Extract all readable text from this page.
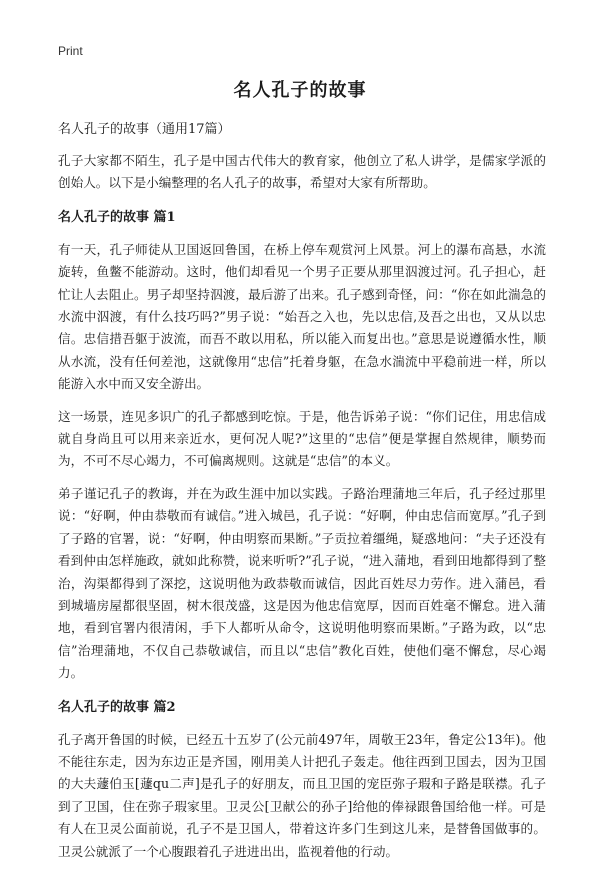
Print
名人孔子的故事
名人孔子的故事（通用17篇）

孔子大家都不陌生，孔子是中国古代伟大的教育家，他创立了私人讲学，是儒家学派的创始人。以下是小编整理的名人孔子的故事，希望对大家有所帮助。

名人孔子的故事 篇1

有一天，孔子师徒从卫国返回鲁国，在桥上停车观赏河上风景。河上的瀑布高悬，水流旋转，鱼鳖不能游动。这时，他们却看见一个男子正要从那里泅渡过河。孔子担心，赶忙让人去阻止。男子却坚持泅渡，最后游了出来。孔子感到奇怪，问：“你在如此湍急的水流中泅渡，有什么技巧吗?”男子说：“始吾之入也，先以忠信,及吾之出也，又从以忠信。忠信措吾躯于波流，而吾不敢以用私，所以能入而复出也。”意思是说遵循水性，顺从水流，没有任何差池，这就像用“忠信”托着身躯，在急水湍流中平稳前进一样，所以能游入水中而又安全游出。

这一场景，连见多识广的孔子都感到吃惊。于是，他告诉弟子说：“你们记住，用忠信成就自身尚且可以用来亲近水，更何况人呢?”这里的“忠信”便是掌握自然规律，顺势而为，不可不尽心竭力，不可偏离规则。这就是“忠信”的本义。

弟子谨记孔子的教诲，并在为政生涯中加以实践。子路治理蒲地三年后，孔子经过那里说：“好啊，仲由恭敬而有诚信。”进入城邑，孔子说：“好啊，仲由忠信而宽厚。”孔子到了子路的官署，说：“好啊，仲由明察而果断。”子贡拉着缰绳，疑惑地问：“夫子还没有看到仲由怎样施政，就如此称赞，说来听听?”孔子说，“进入蒲地，看到田地都得到了整治，沟渠都得到了深挖，这说明他为政恭敬而诚信，因此百姓尽力劳作。进入蒲邑，看到城墙房屋都很坚固，树木很茂盛，这是因为他忠信宽厚，因而百姓毫不懈怠。进入蒲地，看到官署内很清闲，手下人都听从命令，这说明他明察而果断。”子路为政，以“忠信”治理蒲地，不仅自己恭敬诚信，而且以“忠信”教化百姓，使他们毫不懈怠，尽心竭力。

名人孔子的故事 篇2

孔子离开鲁国的时候，已经五十五岁了(公元前497年，周敬王23年，鲁定公13年)。他不能往东走，因为东边正是齐国，刚用美人计把孔子轰走。他往西到卫国去，因为卫国的大夫蘧伯玉[蘧qu二声]是孔子的好朋友，而且卫国的宠臣弥子瑕和子路是联襟。孔子到了卫国，住在弥子瑕家里。卫灵公[卫献公的孙子]给他的俸禄跟鲁国给他一样。可是有人在卫灵公面前说，孔子不是卫国人，带着这许多门生到这儿来，是替鲁国做事的。卫灵公就派了一个心腹跟着孔子进进出出，监视着他的行动。
